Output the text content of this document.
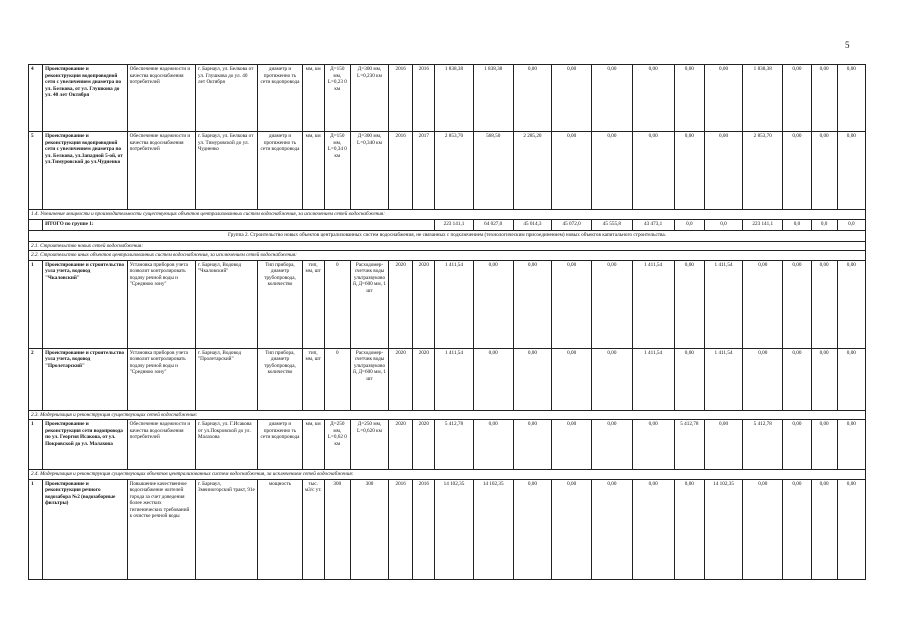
5
4	Проектирование и реконструкция водопроводной сети с увеличением диаметра по ул. Белкова, от ул. Глушкова до ул. 40 лет Октября	Обеспечение надежности и качества водоснабжения потребителей	г. Барнаул, ул. Белкова от ул. Глушкова до ул. 40 лет Октября	диаметр и протяженно ть сети водопровода	мм, км	Д=150 мм, L=0,23 0 км	Д=300 мм, L=0,230 км	2016	2016	1 838,38	1 838,38	0,00	0,00	0,00	0,00	0,00	0,00	1 838,38	0,00	0,00	0,00
5	Проектирование и реконструкция водопроводной сети с увеличением диаметра по ул. Белкова, ул.Западной 5-ой, от ул.Тимуровской до ул.Чудненко	Обеспечение надежности и качества водоснабжения потребителей	г. Барнаул, ул. Белкова от ул. Тимуровской до ул. Чудненко	диаметр и протяженно ть сети водопровода	мм, км	Д=150 мм, L=0,34 0 км	Д=300 мм, L=0,340 км	2016	2017	2 853,70	568,50	2 285,20	0,00	0,00	0,00	0,00	0,00	2 853,70	0,00	0,00	0,00
1.4. Увеличение мощности и производительности существующих объектов централизованных систем водоснабжения, за исключением сетей водоснабжения:																					
	ИТОГО по группе 1:									223 141,1	64 027,0	45 014,3	45 072,0	45 555,8	43 473,1	0,0	0,0	223 141,1	0,0	0,0	0,0
Группа 2. Строительство новых объектов централизованных систем водоснабжения, не связанных с подключением (технологическим присоединением) новых объектов капитального строительства.																					
2.1. Строительство новых сетей водоснабжения:																					
2.2. Строительство иных объектов централизованных систем водоснабжения, за исключением сетей водоснабжения:																					
1	Проектирование и строительство узла учета, водовод "Чкаловский"	Установка приборов учета позволит контролировать подачу речной воды и "Среднюю зону"	г. Барнаул, Водовод "Чкаловский"	Тип прибора, диаметр трубопровода, количество	тип, мм, шт	0	Расходомер-счетчик воды ультразвуковой, Д=600 мм, 1 шт	2020	2020	1 411,54	0,00	0,00	0,00	0,00	1 411,54	0,00	1 411,54	0,00	0,00	0,00	0,00
2	Проектирование и строительство узла учета, водовод "Пролетарский"	Установка приборов учета позволит контролировать подачу речной воды и "Среднюю зону"	г. Барнаул, Водовод "Пролетарский"	Тип прибора, диаметр трубопровода, количество	тип, мм, шт	0	Расходомер-счетчик воды ультразвуковой, Д=600 мм, 1 шт	2020	2020	1 411,54	0,00	0,00	0,00	0,00	1 411,54	0,00	1 411,54	0,00	0,00	0,00	0,00
2.3. Модернизация и реконструкция существующих сетей водоснабжения:																					
1	Проектирование и реконструкция сети водопровода по ул. Георгия Исакова, от ул. Покровской до ул. Малахова	Обеспечение надежности и качества водоснабжения потребителей	г. Барнаул, ул. Г.Исакова от ул.Покровской до ул. Малахова	диаметр и протяженно ть сети водопровода	мм, км	Д=250 мм, L=0,62 0 км	Д=250 мм, L=0,620 км	2020	2020	5 412,78	0,00	0,00	0,00	0,00	0,00	5 412,78	0,00	5 412,78	0,00	0,00	0,00
2.4. Модернизация и реконструкция существующих объектов централизованных систем водоснабжения, за исключением сетей водоснабжения:																					
1	Проектирование и реконструкция речного водозабора №2 (водозаборные фильтры)	Повышение качественное водоснабжение жителей города за счет доведения более жестких гигиенических требований к очистке речной воды	г. Барнаул, Змеиногорский тракт, 91е	мощность	тыс. м3/с ут.	300	300	2016	2016	14 102,35	14 102,35	0,00	0,00	0,00	0,00	0,00	14 102,35	0,00	0,00	0,00	0,00
